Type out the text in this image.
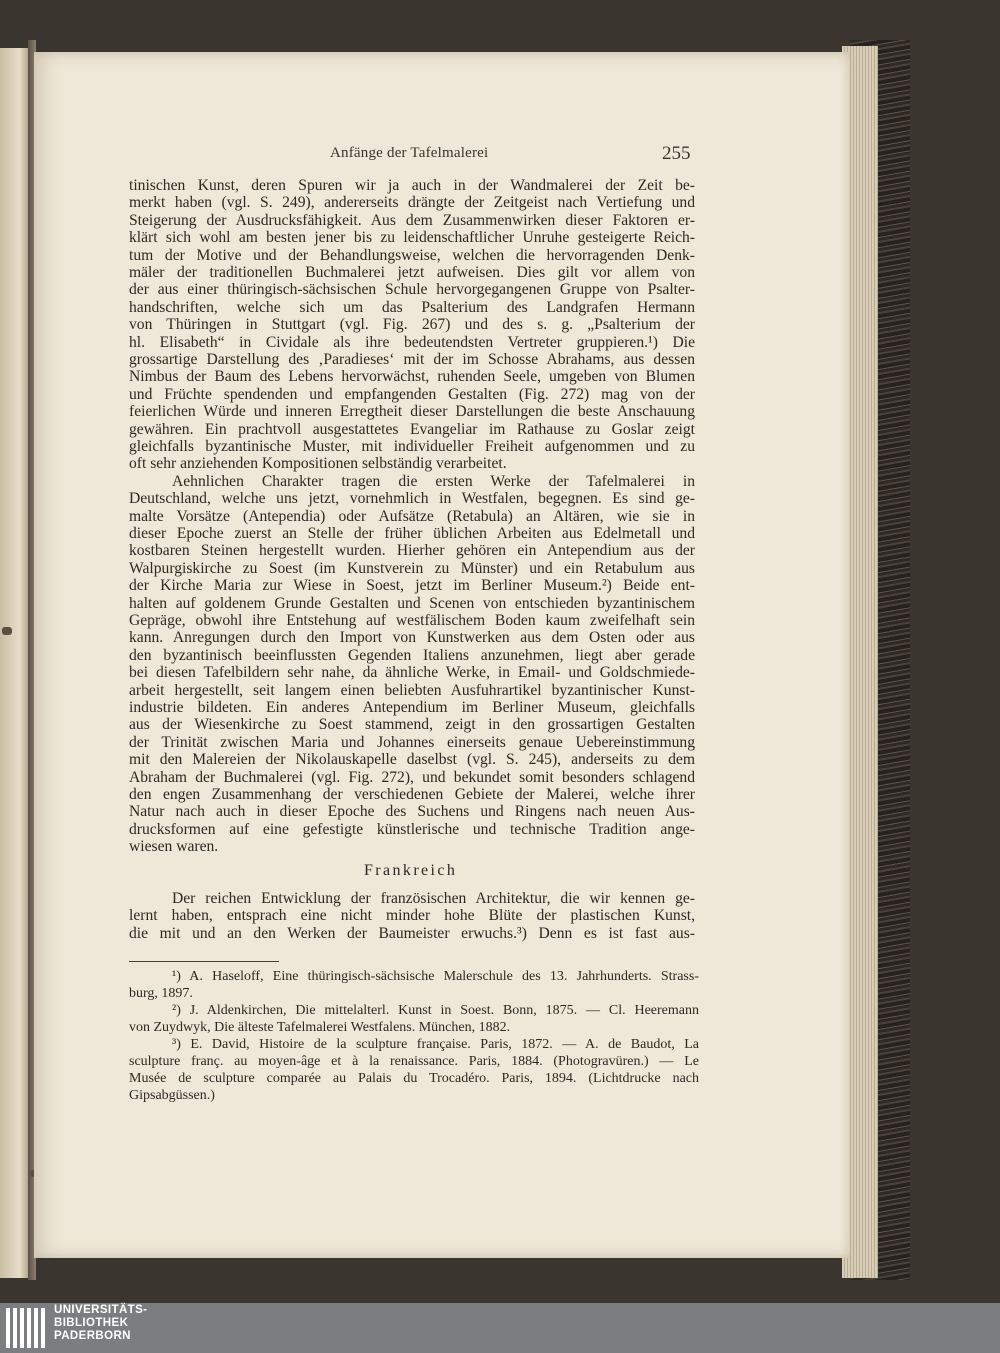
Anfänge der Tafelmalerei	255
tinischen Kunst, deren Spuren wir ja auch in der Wandmalerei der Zeit be-
merkt haben (vgl. S. 249), andererseits drängte der Zeitgeist nach Vertiefung und
Steigerung der Ausdrucksfähigkeit. Aus dem Zusammenwirken dieser Faktoren er-
klärt sich wohl am besten jener bis zu leidenschaftlicher Unruhe gesteigerte Reich-
tum der Motive und der Behandlungsweise, welchen die hervorragenden Denk-
mäler der traditionellen Buchmalerei jetzt aufweisen. Dies gilt vor allem von
der aus einer thüringisch-sächsischen Schule hervorgegangenen Gruppe von Psalter-
handschriften, welche sich um das Psalterium des Landgrafen Hermann
von Thüringen in Stuttgart (vgl. Fig. 267) und des s. g. „Psalterium der
hl. Elisabeth“ in Cividale als ihre bedeutendsten Vertreter gruppieren.¹) Die
grossartige Darstellung des ‚Paradieses‘ mit der im Schosse Abrahams, aus dessen
Nimbus der Baum des Lebens hervorwächst, ruhenden Seele, umgeben von Blumen
und Früchte spendenden und empfangenden Gestalten (Fig. 272) mag von der
feierlichen Würde und inneren Erregtheit dieser Darstellungen die beste Anschauung
gewähren. Ein prachtvoll ausgestattetes Evangeliar im Rathause zu Goslar zeigt
gleichfalls byzantinische Muster, mit individueller Freiheit aufgenommen und zu
oft sehr anziehenden Kompositionen selbständig verarbeitet.
Aehnlichen Charakter tragen die ersten Werke der Tafelmalerei in
Deutschland, welche uns jetzt, vornehmlich in Westfalen, begegnen. Es sind ge-
malte Vorsätze (Antependia) oder Aufsätze (Retabula) an Altären, wie sie in
dieser Epoche zuerst an Stelle der früher üblichen Arbeiten aus Edelmetall und
kostbaren Steinen hergestellt wurden. Hierher gehören ein Antependium aus der
Walpurgiskirche zu Soest (im Kunstverein zu Münster) und ein Retabulum aus
der Kirche Maria zur Wiese in Soest, jetzt im Berliner Museum.²) Beide ent-
halten auf goldenem Grunde Gestalten und Scenen von entschieden byzantinischem
Gepräge, obwohl ihre Entstehung auf westfälischem Boden kaum zweifelhaft sein
kann. Anregungen durch den Import von Kunstwerken aus dem Osten oder aus
den byzantinisch beeinflussten Gegenden Italiens anzunehmen, liegt aber gerade
bei diesen Tafelbildern sehr nahe, da ähnliche Werke, in Email- und Goldschmiede-
arbeit hergestellt, seit langem einen beliebten Ausfuhrartikel byzantinischer Kunst-
industrie bildeten. Ein anderes Antependium im Berliner Museum, gleichfalls
aus der Wiesenkirche zu Soest stammend, zeigt in den grossartigen Gestalten
der Trinität zwischen Maria und Johannes einerseits genaue Uebereinstimmung
mit den Malereien der Nikolauskapelle daselbst (vgl. S. 245), anderseits zu dem
Abraham der Buchmalerei (vgl. Fig. 272), und bekundet somit besonders schlagend
den engen Zusammenhang der verschiedenen Gebiete der Malerei, welche ihrer
Natur nach auch in dieser Epoche des Suchens und Ringens nach neuen Aus-
drucksformen auf eine gefestigte künstlerische und technische Tradition ange-
wiesen waren.
Frankreich
Der reichen Entwicklung der französischen Architektur, die wir kennen ge-
lernt haben, entsprach eine nicht minder hohe Blüte der plastischen Kunst,
die mit und an den Werken der Baumeister erwuchs.³) Denn es ist fast aus-
¹) A. Haseloff, Eine thüringisch-sächsische Malerschule des 13. Jahrhunderts. Strass-
burg, 1897.
²) J. Aldenkirchen, Die mittelalterl. Kunst in Soest. Bonn, 1875. — Cl. Heeremann
von Zuydwyk, Die älteste Tafelmalerei Westfalens. München, 1882.
³) E. David, Histoire de la sculpture française. Paris, 1872. — A. de Baudot, La
sculpture franç. au moyen-âge et à la renaissance. Paris, 1884. (Photogravüren.) — Le
Musée de sculpture comparée au Palais du Trocadéro. Paris, 1894. (Lichtdrucke nach
Gipsabgüssen.)
UNIVERSITÄTS-
BIBLIOTHEK
PADERBORN
